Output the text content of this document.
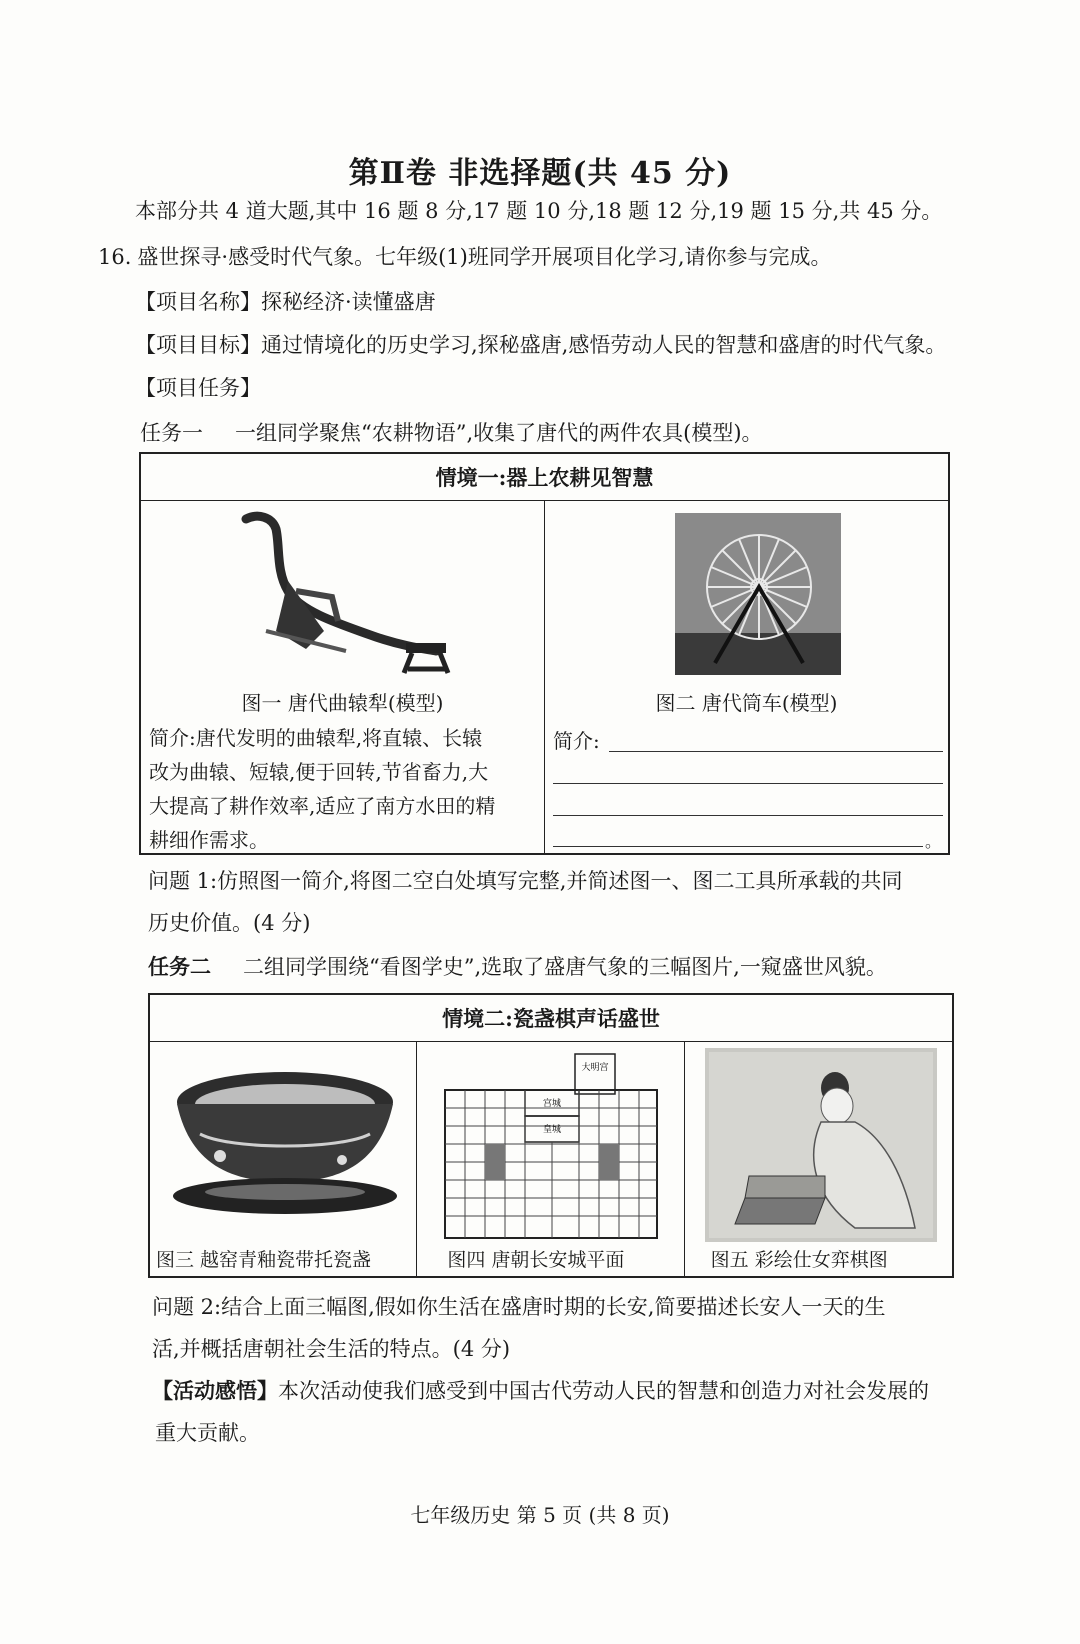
第Ⅱ卷 非选择题(共 45 分)
本部分共 4 道大题,其中 16 题 8 分,17 题 10 分,18 题 12 分,19 题 15 分,共 45 分。
16. 盛世探寻·感受时代气象。七年级(1)班同学开展项目化学习,请你参与完成。
【项目名称】探秘经济·读懂盛唐
【项目目标】通过情境化的历史学习,探秘盛唐,感悟劳动人民的智慧和盛唐的时代气象。
【项目任务】
任务一 一组同学聚焦“农耕物语”,收集了唐代的两件农具(模型)。
情境一:器上农耕见智慧

图一 唐代曲辕犁(模型)
简介:唐代发明的曲辕犁,将直辕、长辕
改为曲辕、短辕,便于回转,节省畜力,大
大提高了耕作效率,适应了南方水田的精
耕细作需求。

图二 唐代筒车(模型)
简介:
。
问题 1:仿照图一简介,将图二空白处填写完整,并简述图一、图二工具所承载的共同
历史价值。(4 分)
任务二 二组同学围绕“看图学史”,选取了盛唐气象的三幅图片,一窥盛世风貌。
情境二:瓷盏棋声话盛世

图三 越窑青釉瓷带托瓷盏

大明宫
宫城
皇城
图四 唐朝长安城平面	图五 彩绘仕女弈棋图
问题 2:结合上面三幅图,假如你生活在盛唐时期的长安,简要描述长安人一天的生
活,并概括唐朝社会生活的特点。(4 分)
【活动感悟】本次活动使我们感受到中国古代劳动人民的智慧和创造力对社会发展的
重大贡献。
七年级历史 第 5 页 (共 8 页)
